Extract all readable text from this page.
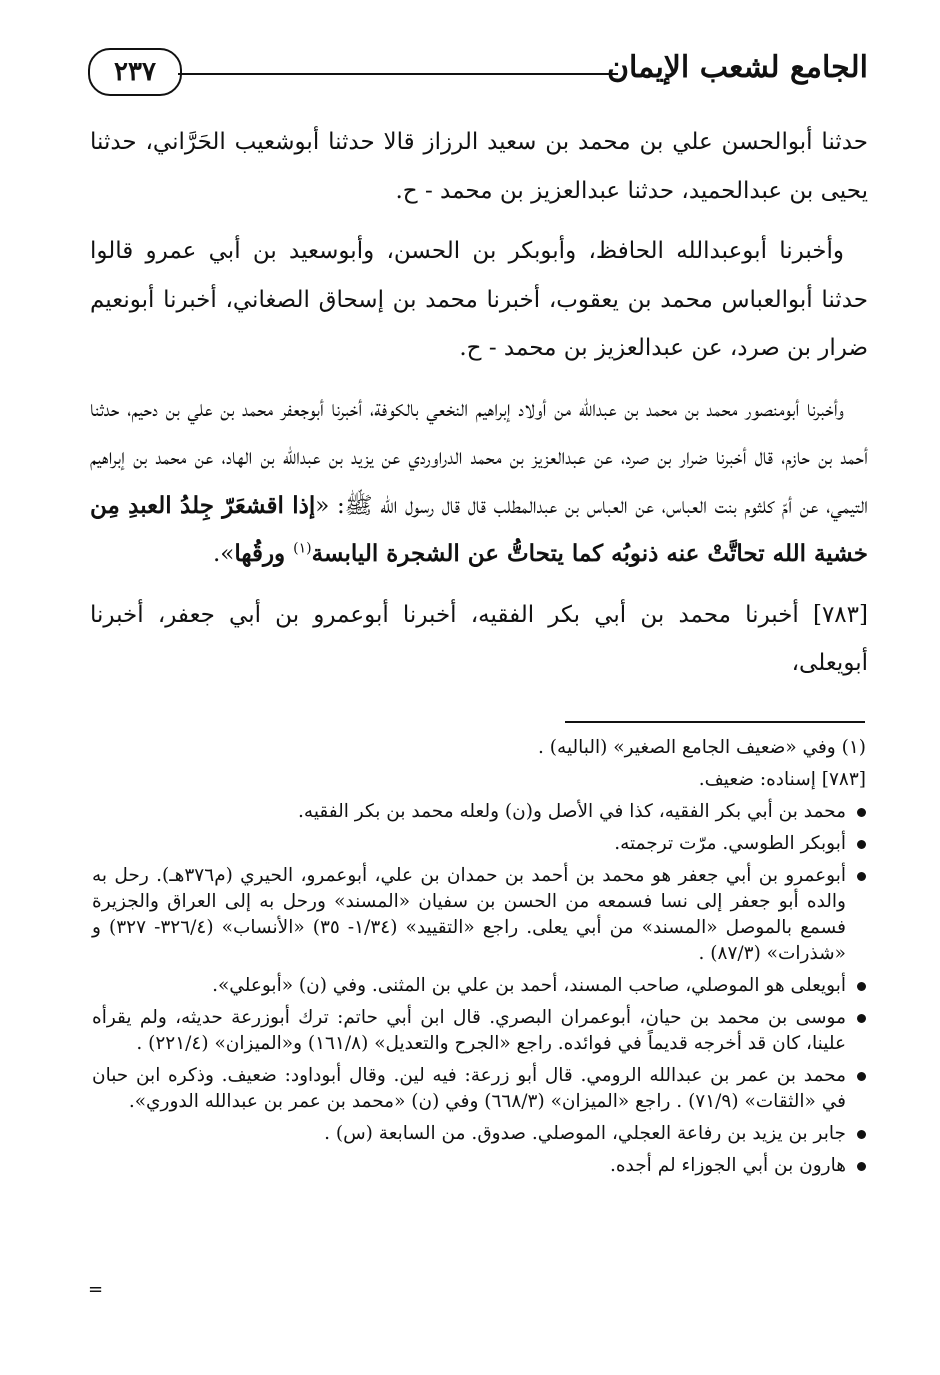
الجامع لشعب الإيمان
٢٣٧

حدثنا أبوالحسن علي بن محمد بن سعيد الرزاز قالا حدثنا أبوشعيب الحَرَّاني، حدثنا يحيى بن عبدالحميد، حدثنا عبدالعزيز بن محمد - ح.

وأخبرنا أبوعبدالله الحافظ، وأبوبكر بن الحسن، وأبوسعيد بن أبي عمرو قالوا حدثنا أبوالعباس محمد بن يعقوب، أخبرنا محمد بن إسحاق الصغاني، أخبرنا أبونعيم ضرار بن صرد، عن عبدالعزيز بن محمد - ح.

وأخبرنا أبومنصور محمد بن محمد بن عبدالله من أولاد إبراهيم النخعي بالكوفة، أخبرنا أبوجعفر محمد بن علي بن دحيم، حدثنا أحمد بن حازم، قال أخبرنا ضرار بن صرد، عن عبدالعزيز بن محمد الدراوردي عن يزيد بن عبدالله بن الهاد، عن محمد بن إبراهيم التيمي، عن أمّ كلثوم بنت العباس، عن العباس بن عبدالمطلب قال قال رسول الله ﷺ: «إذا اقشعَرّ جِلدُ العبدِ مِن خشية الله تحاتَّتْ عنه ذنوبُه كما يتحاتُّ عن الشجرة اليابسة$^{(١)}$ ورقُها».

[٧٨٣] أخبرنا محمد بن أبي بكر الفقيه، أخبرنا أبوعمرو بن أبي جعفر، أخبرنا أبويعلى،

(١) وفي «ضعيف الجامع الصغير» (الباليه) .

[٧٨٣] إسناده: ضعيف.

محمد بن أبي بكر الفقيه، كذا في الأصل و(ن) ولعله محمد بن بكر الفقيه.
أبوبكر الطوسي. مرّت ترجمته.
أبوعمرو بن أبي جعفر هو محمد بن أحمد بن حمدان بن علي، أبوعمرو، الحيري (م٣٧٦هـ). رحل به والده أبو جعفر إلى نسا فسمعه من الحسن بن سفيان «المسند» ورحل به إلى العراق والجزيرة فسمع بالموصل «المسند» من أبي يعلى. راجع «التقييد» (١/٣٤- ٣٥) «الأنساب» (٣٢٦/٤- ٣٢٧) و «شذرات» (٨٧/٣) .
أبويعلى هو الموصلي، صاحب المسند، أحمد بن علي بن المثنى. وفي (ن) «أبوعلي».
موسى بن محمد بن حيان، أبوعمران البصري. قال ابن أبي حاتم: ترك أبوزرعة حديثه، ولم يقرأه علينا، كان قد أخرجه قديماً في فوائده. راجع «الجرح والتعديل» (١٦١/٨) و«الميزان» (٢٢١/٤) .
محمد بن عمر بن عبدالله الرومي. قال أبو زرعة: فيه لين. وقال أبوداود: ضعيف. وذكره ابن حبان في «الثقات» (٧١/٩) . راجع «الميزان» (٦٦٨/٣) وفي (ن) «محمد بن عمر بن عبدالله الدوري».
جابر بن يزيد بن رفاعة العجلي، الموصلي. صدوق. من السابعة (س) .
هارون بن أبي الجوزاء لم أجده.
=
